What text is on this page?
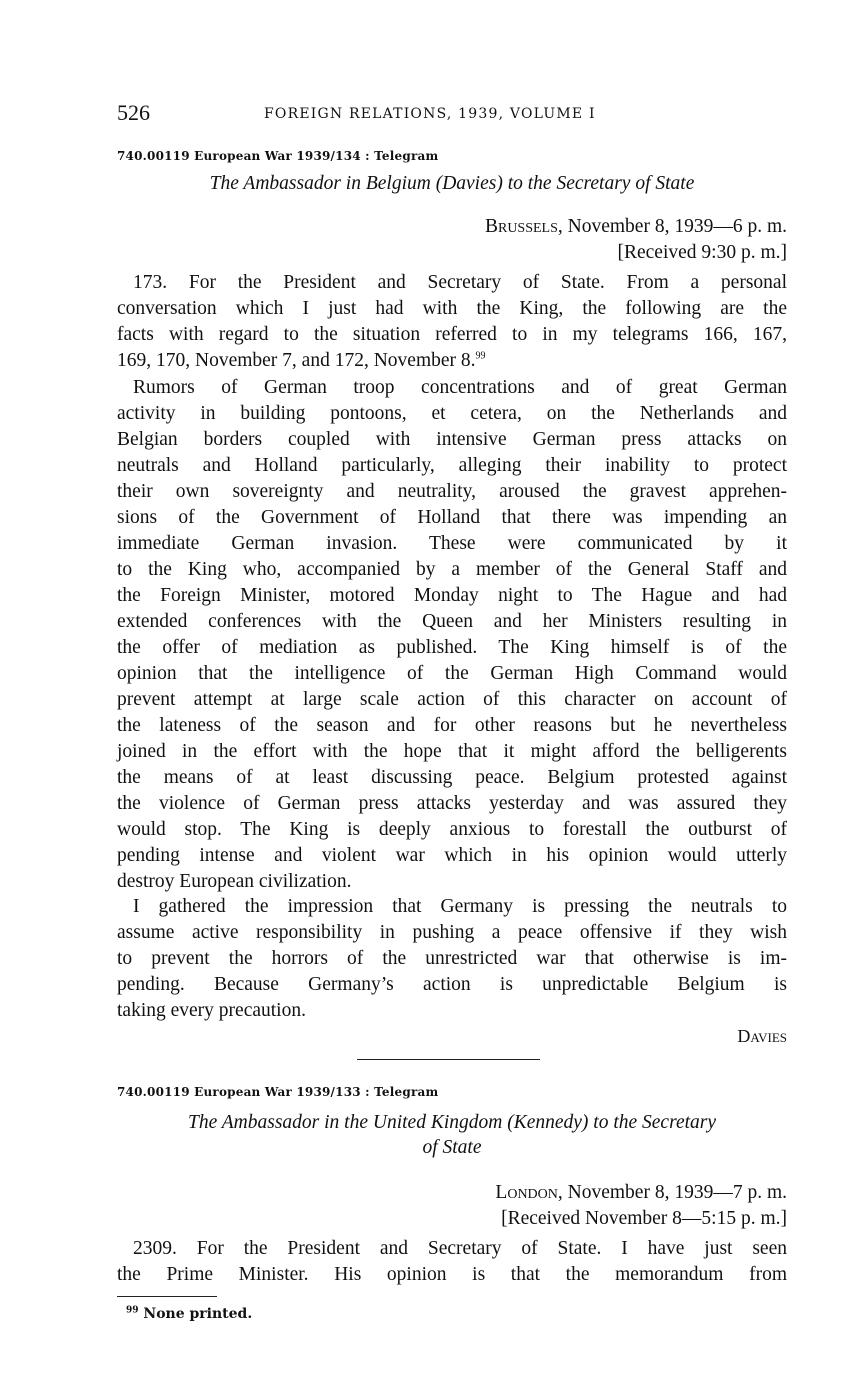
526	FOREIGN RELATIONS, 1939, VOLUME I
740.00119 European War 1939/134 : Telegram
The Ambassador in Belgium (Davies) to the Secretary of State
Brussels, November 8, 1939—6 p. m.
[Received 9:30 p. m.]

173. For the President and Secretary of State. From a personal
conversation which I just had with the King, the following are the
facts with regard to the situation referred to in my telegrams 166, 167,
169, 170, November 7, and 172, November 8.99

Rumors of German troop concentrations and of great German
activity in building pontoons, et cetera, on the Netherlands and
Belgian borders coupled with intensive German press attacks on
neutrals and Holland particularly, alleging their inability to protect
their own sovereignty and neutrality, aroused the gravest apprehen-
sions of the Government of Holland that there was impending an
immediate German invasion. These were communicated by it
to the King who, accompanied by a member of the General Staff and
the Foreign Minister, motored Monday night to The Hague and had
extended conferences with the Queen and her Ministers resulting in
the offer of mediation as published. The King himself is of the
opinion that the intelligence of the German High Command would
prevent attempt at large scale action of this character on account of
the lateness of the season and for other reasons but he nevertheless
joined in the effort with the hope that it might afford the belligerents
the means of at least discussing peace. Belgium protested against
the violence of German press attacks yesterday and was assured they
would stop. The King is deeply anxious to forestall the outburst of
pending intense and violent war which in his opinion would utterly
destroy European civilization.

I gathered the impression that Germany is pressing the neutrals to
assume active responsibility in pushing a peace offensive if they wish
to prevent the horrors of the unrestricted war that otherwise is im-
pending. Because Germany’s action is unpredictable Belgium is
taking every precaution.

Davies
740.00119 European War 1939/133 : Telegram
The Ambassador in the United Kingdom (Kennedy) to the Secretary
of State
London, November 8, 1939—7 p. m.
[Received November 8—5:15 p. m.]

2309. For the President and Secretary of State. I have just seen
the Prime Minister. His opinion is that the memorandum from

$^{99}$ None printed.
